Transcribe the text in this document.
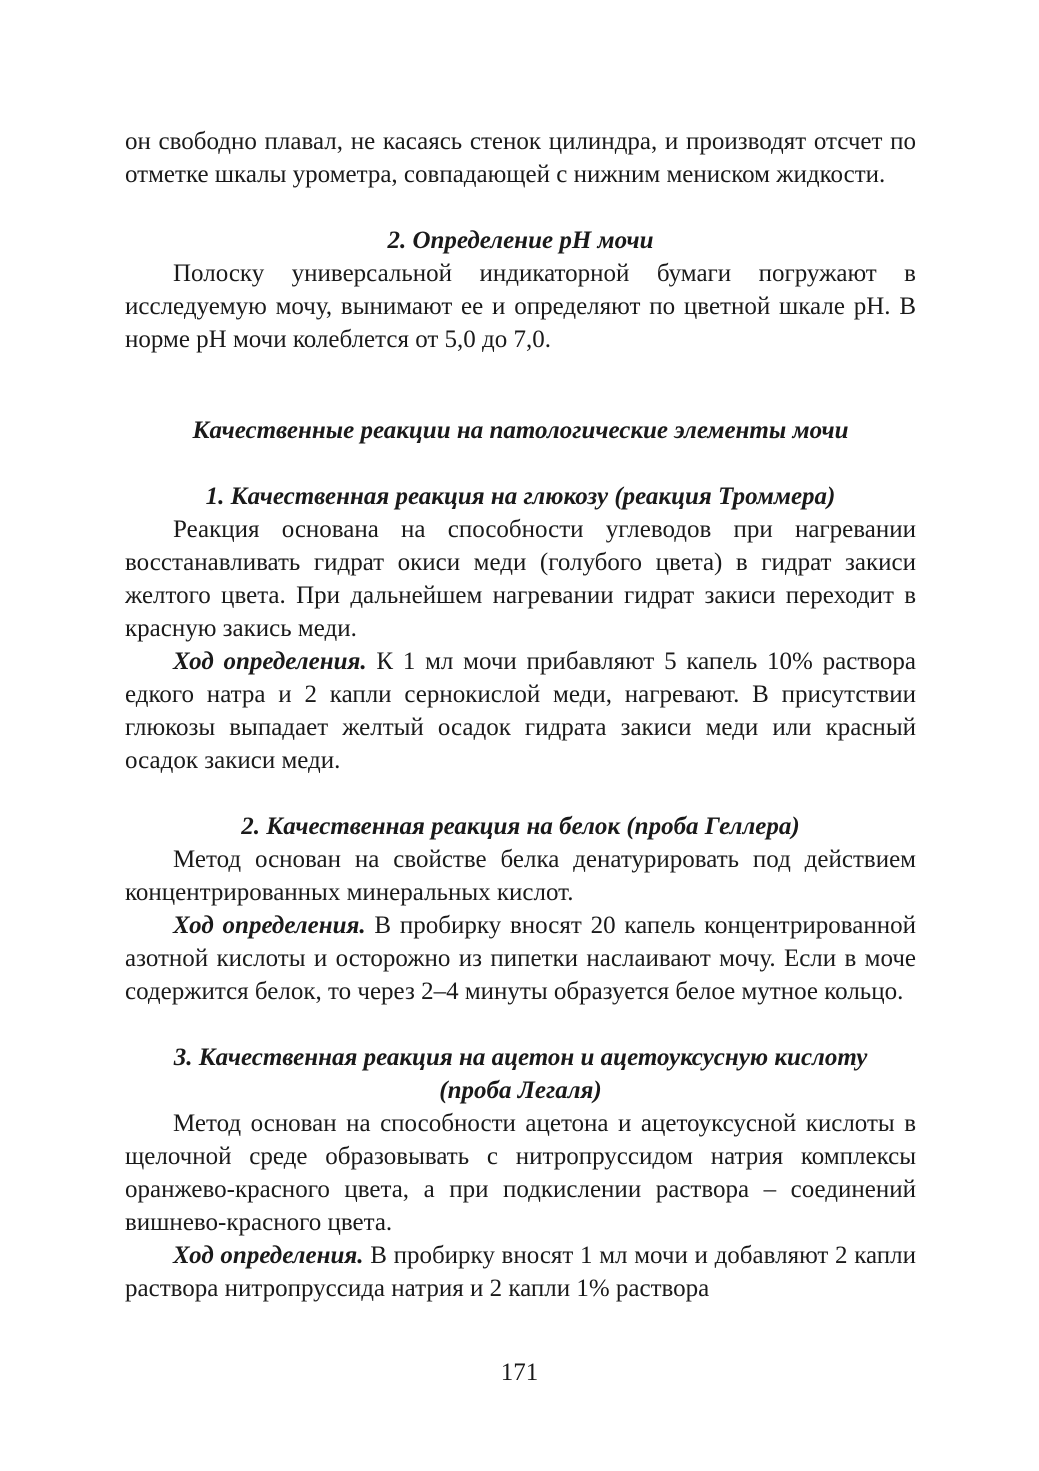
он свободно плавал, не касаясь стенок цилиндра, и производят отсчет по отметке шкалы урометра, совпадающей с нижним мениском жидкости.

2. Определение pH мочи

Полоску универсальной индикаторной бумаги погружают в исследуемую мочу, вынимают ее и определяют по цветной шкале pH. В норме pH мочи колеблется от 5,0 до 7,0.

Качественные реакции на патологические элементы мочи
1. Качественная реакция на глюкозу (реакция Троммера)

Реакция основана на способности углеводов при нагревании восстанавливать гидрат окиси меди (голубого цвета) в гидрат закиси желтого цвета. При дальнейшем нагревании гидрат закиси переходит в красную закись меди.

Ход определения. К 1 мл мочи прибавляют 5 капель 10% раствора едкого натра и 2 капли сернокислой меди, нагревают. В присутствии глюкозы выпадает желтый осадок гидрата закиси меди или красный осадок закиси меди.

2. Качественная реакция на белок (проба Геллера)

Метод основан на свойстве белка денатурировать под действием концентрированных минеральных кислот.

Ход определения. В пробирку вносят 20 капель концентрированной азотной кислоты и осторожно из пипетки наслаивают мочу. Если в моче содержится белок, то через 2–4 минуты образуется белое мутное кольцо.

3. Качественная реакция на ацетон и ацетоуксусную кислоту
(проба Легаля)

Метод основан на способности ацетона и ацетоуксусной кислоты в щелочной среде образовывать с нитропруссидом натрия комплексы оранжево-красного цвета, а при подкислении раствора – соединений вишнево-красного цвета.

Ход определения. В пробирку вносят 1 мл мочи и добавляют 2 капли раствора нитропруссида натрия и 2 капли 1% раствора

171
